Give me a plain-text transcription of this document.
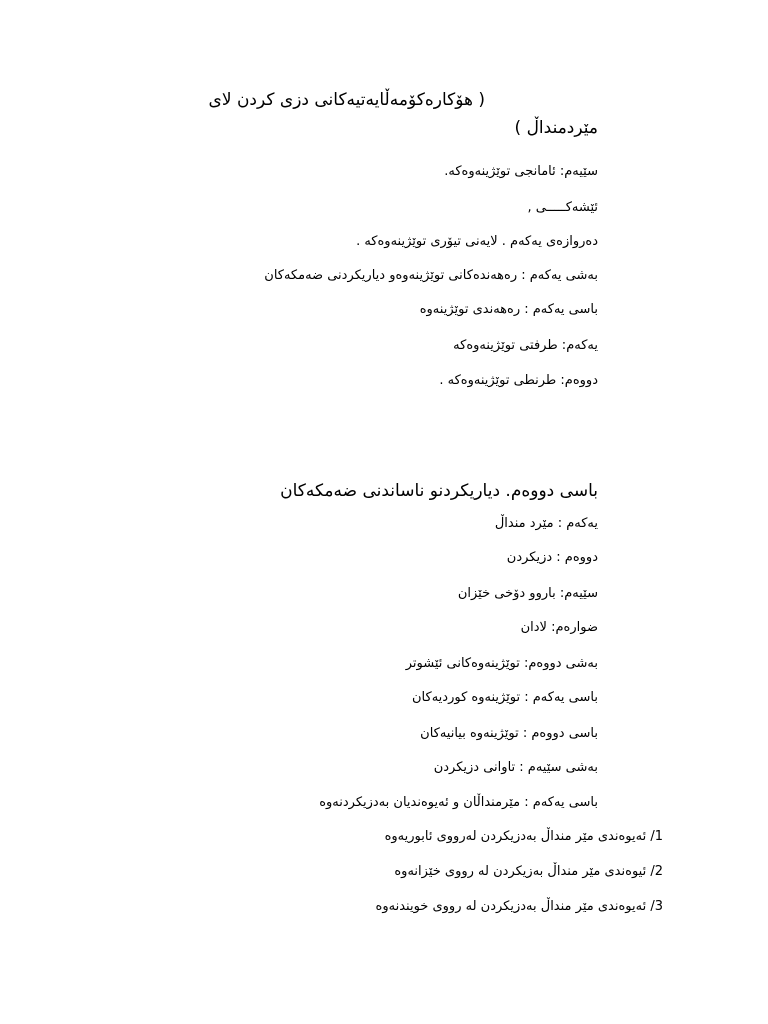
( هۆکارەکۆمەڵایەتیەکانی دزی کردن لای
مێردمنداڵ )
سێیەم: ئامانجی توێژینەوەکە.
ئێشەکـــــی ,
دەروازەی یەکەم . لایەنی تیۆری توێژینەوەکە .
بەشی یەکەم : رەهەندەکانی توێژینەوەو دیاریکردنی ضەمکەکان
باسی یەکەم : رەهەندی توێژینەوە
یەکەم: طرفتی توێژینەوەکە
دووەم: طرنطی توێژینەوەکە .
باسی دووەم. دیاریکردنو ناساندنی ضەمکەکان
یەکەم : مێرد منداڵ
دووەم : دزیکردن
سێیەم: باروو دۆخی خێزان
ضوارەم: لادان
بەشی دووەم: توێژینەوەکانی ئێشوتر
باسی یەکەم : توێژینەوە کوردیەکان
باسی دووەم : توێژینەوە بیانیەکان
بەشی سێیەم : تاوانی دزیکردن
باسی یەکەم : مێرمنداڵان و ئەیوەندیان بەدزیکردنەوە
1/ ئەیوەندی مێر منداڵ بەدزیکردن لەرووی ئابوریەوە
2/ ئیوەندی مێر منداڵ بەزیکردن لە رووی خێزانەوە
3/ ئەیوەندی مێر منداڵ بەدزیکردن لە رووی خویندنەوە
